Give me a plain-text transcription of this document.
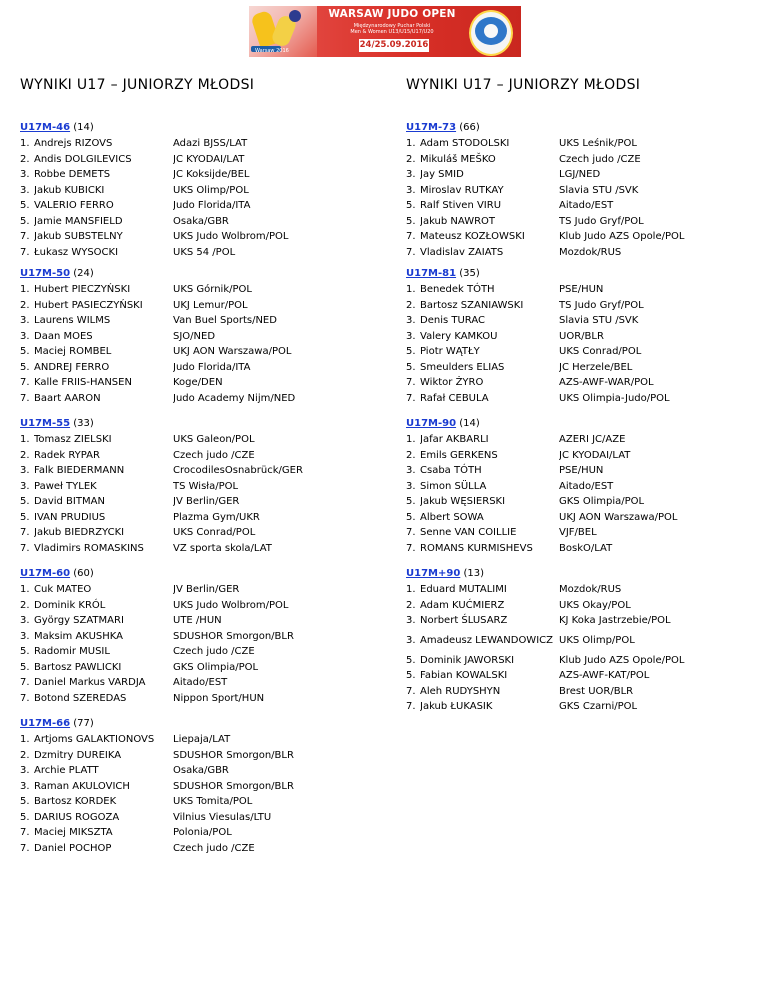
Warsaw 2016
WARSAW JUDO OPEN
Międzynarodowy Puchar Polski
Men & Women U13/U15/U17/U20
24/25.09.2016
WYNIKI U17 – JUNIORZY MŁODSI
U17M-46 (14)
1. Andrejs RIZOVS	Adazi BJSS/LAT
2. Andis DOLGILEVICS	JC KYODAI/LAT
3. Robbe DEMETS	JC Koksijde/BEL
3. Jakub KUBICKI	UKS Olimp/POL
5. VALERIO FERRO	Judo Florida/ITA
5. Jamie MANSFIELD	Osaka/GBR
7. Jakub SUBSTELNY	UKS Judo Wolbrom/POL
7. Łukasz WYSOCKI	UKS 54 /POL
U17M-50 (24)
1. Hubert PIECZYŃSKI	UKS Górnik/POL
2. Hubert PASIECZYŃSKI	UKJ Lemur/POL
3. Laurens WILMS	Van Buel Sports/NED
3. Daan MOES	SJO/NED
5. Maciej ROMBEL	UKJ AON Warszawa/POL
5. ANDREJ FERRO	Judo Florida/ITA
7. Kalle FRIIS-HANSEN	Koge/DEN
7. Baart AARON	Judo Academy Nijm/NED
U17M-55 (33)
1. Tomasz ZIELSKI	UKS Galeon/POL
2. Radek RYPAR	Czech judo /CZE
3. Falk BIEDERMANN	CrocodilesOsnabrück/GER
3. Paweł TYLEK	TS Wisła/POL
5. David BITMAN	JV Berlin/GER
5. IVAN PRUDIUS	Plazma Gym/UKR
7. Jakub BIEDRZYCKI	UKS Conrad/POL
7. Vladimirs ROMASKINS	VZ sporta skola/LAT
U17M-60 (60)
1. Cuk MATEO	JV Berlin/GER
2. Dominik KRÓL	UKS Judo Wolbrom/POL
3. György SZATMARI	UTE /HUN
3. Maksim AKUSHKA	SDUSHOR Smorgon/BLR
5. Radomir MUSIL	Czech judo /CZE
5. Bartosz PAWLICKI	GKS Olimpia/POL
7. Daniel Markus VARDJA	Aitado/EST
7. Botond SZEREDAS	Nippon Sport/HUN
U17M-66 (77)
1. Artjoms GALAKTIONOVS	Liepaja/LAT
2. Dzmitry DUREIKA	SDUSHOR Smorgon/BLR
3. Archie PLATT	Osaka/GBR
3. Raman AKULOVICH	SDUSHOR Smorgon/BLR
5. Bartosz KORDEK	UKS Tomita/POL
5. DARIUS ROGOZA	Vilnius Viesulas/LTU
7. Maciej MIKSZTA	Polonia/POL
7. Daniel POCHOP	Czech judo /CZE
WYNIKI U17 – JUNIORZY MŁODSI
U17M-73 (66)
1. Adam STODOLSKI	UKS Leśnik/POL
2. Mikuláš MEŠKO	Czech judo /CZE
3. Jay SMID	LGJ/NED
3. Miroslav RUTKAY	Slavia STU /SVK
5. Ralf Stiven VIRU	Aitado/EST
5. Jakub NAWROT	TS Judo Gryf/POL
7. Mateusz KOZŁOWSKI	Klub Judo AZS Opole/POL
7. Vladislav ZAIATS	Mozdok/RUS
U17M-81 (35)
1. Benedek TÓTH	PSE/HUN
2. Bartosz SZANIAWSKI	TS Judo Gryf/POL
3. Denis TURAC	Slavia STU /SVK
3. Valery KAMKOU	UOR/BLR
5. Piotr WĄTŁY	UKS Conrad/POL
5. Smeulders ELIAS	JC Herzele/BEL
7. Wiktor ŻYRO	AZS-AWF-WAR/POL
7. Rafał CEBULA	UKS Olimpia-Judo/POL
U17M-90 (14)
1. Jafar AKBARLI	AZERI JC/AZE
2. Emils GERKENS	JC KYODAI/LAT
3. Csaba TÓTH	PSE/HUN
3. Simon SÜLLA	Aitado/EST
5. Jakub WĘSIERSKI	GKS Olimpia/POL
5. Albert SOWA	UKJ AON Warszawa/POL
7. Senne VAN COILLIE	VJF/BEL
7. ROMANS KURMISHEVS	BoskO/LAT
U17M+90 (13)
1. Eduard MUTALIMI	Mozdok/RUS
2. Adam KUĆMIERZ	UKS Okay/POL
3. Norbert ŚLUSARZ	KJ Koka Jastrzebie/POL
3. Amadeusz LEWANDOWICZ UKS Olimp/POL
5. Dominik JAWORSKI	Klub Judo AZS Opole/POL
5. Fabian KOWALSKI	AZS-AWF-KAT/POL
7. Aleh RUDYSHYN	Brest UOR/BLR
7. Jakub ŁUKASIK	GKS Czarni/POL
